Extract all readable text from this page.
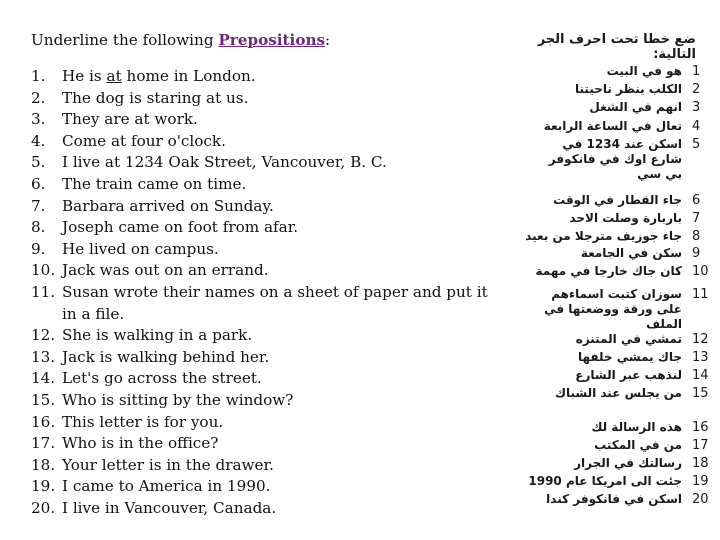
Underline the following Prepositions:
1.	He is at home in London.
2.	The dog is staring at us.
3.	They are at work.
4.	Come at four o'clock.
5.	I live at 1234 Oak Street, Vancouver, B. C.
6.	The train came on time.
7.	Barbara arrived on Sunday.
8.	Joseph came on foot from afar.
9.	He lived on campus.
10. Jack was out on an errand.
11. Susan wrote their names on a sheet of paper and put it in a file.
12. She is walking in a park.
13. Jack is walking behind her.
14. Let's go across the street.
15. Who is sitting by the window?
16. This letter is for you.
17. Who is in the office?
18. Your letter is in the drawer.
19. I came to America in 1990.
20. I live in Vancouver, Canada.
ضع خطا تحت احرف الجر التالية:
هو في البيت 1
الكلب ينظر ناحيتنا 2
انهم في الشغل 3
تعال في الساعة الرابعة 4
اسكن عند 1234 في شارع اوك في فانكوفر بي سي
5
جاء القطار في الوقت 6
باربارة وصلت الاحد 7
جاء جوزيف مترجلا من بعيد 8
سكن في الجامعة 9
كان جاك خارجا في مهمة 10
سوزان كتبت اسماءهم على ورقة ووضعتها في الملف
11
تمشي في المتنزه 12
جاك يمشي خلفها 13
لنذهب عبر الشارع 14
من يجلس عند الشباك 15
هذه الرسالة لك 16
من في المكتب 17
رسالتك في الجرار 18
جئت الى امريكا عام 1990 19
اسكن في فانكوفر كندا 20
